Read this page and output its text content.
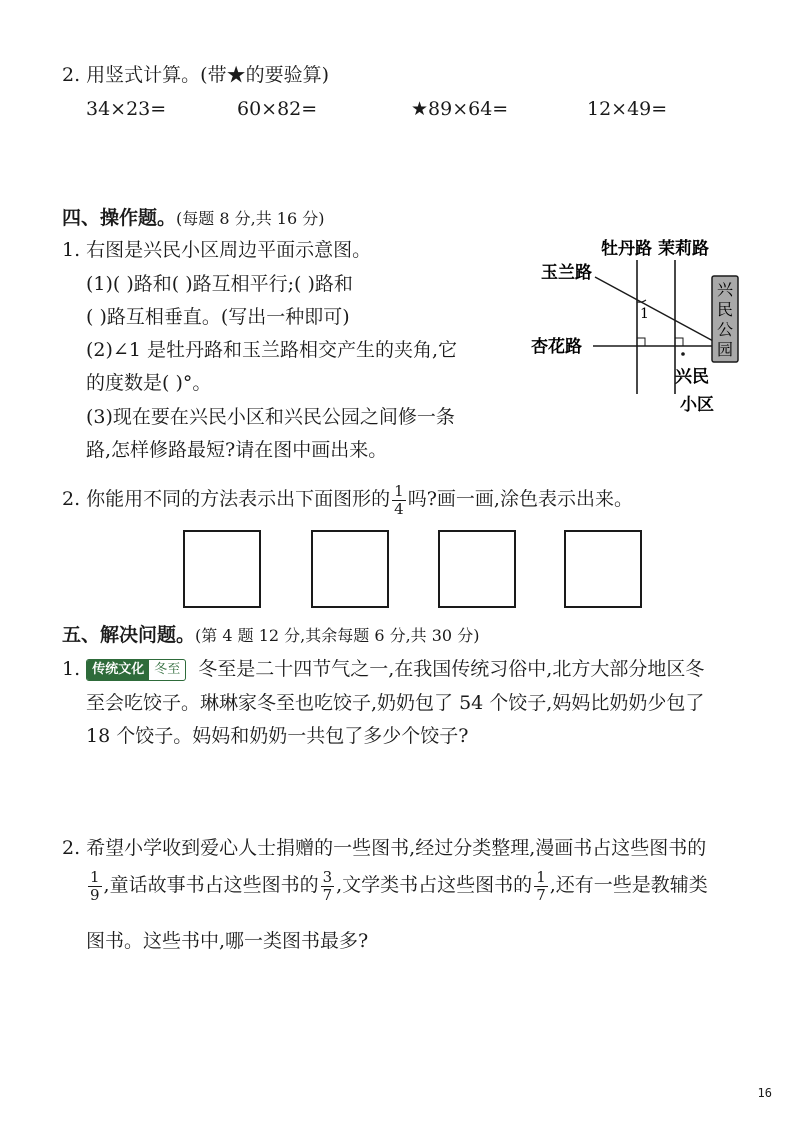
2. 用竖式计算。(带★的要验算)
34×23=	60×82=	★89×64=	12×49=
四、操作题。(每题 8 分,共 16 分)
1. 右图是兴民小区周边平面示意图。
(1)( )路和( )路互相平行;( )路和
( )路互相垂直。(写出一种即可)
(2)∠1 是牡丹路和玉兰路相交产生的夹角,它
的度数是( )°。
(3)现在要在兴民小区和兴民公园之间修一条
路,怎样修路最短?请在图中画出来。
兴
民
公
园
牡丹路 茉莉路
玉兰路
杏花路
1
兴民
小区
2. 你能用不同的方法表示出下面图形的 $\frac{1}{4}$ 吗?画一画,涂色表示出来。
五、解决问题。(第 4 题 12 分,其余每题 6 分,共 30 分)
1. 传统文化 冬至 冬至是二十四节气之一,在我国传统习俗中,北方大部分地区冬
至会吃饺子。琳琳家冬至也吃饺子,奶奶包了 54 个饺子,妈妈比奶奶少包了
18 个饺子。妈妈和奶奶一共包了多少个饺子?
2. 希望小学收到爱心人士捐赠的一些图书,经过分类整理,漫画书占这些图书的
$\frac{1}{9}$ ,童话故事书占这些图书的 $\frac{3}{7}$ ,文学类书占这些图书的 $\frac{1}{7}$ ,还有一些是教辅类
图书。这些书中,哪一类图书最多?
16
